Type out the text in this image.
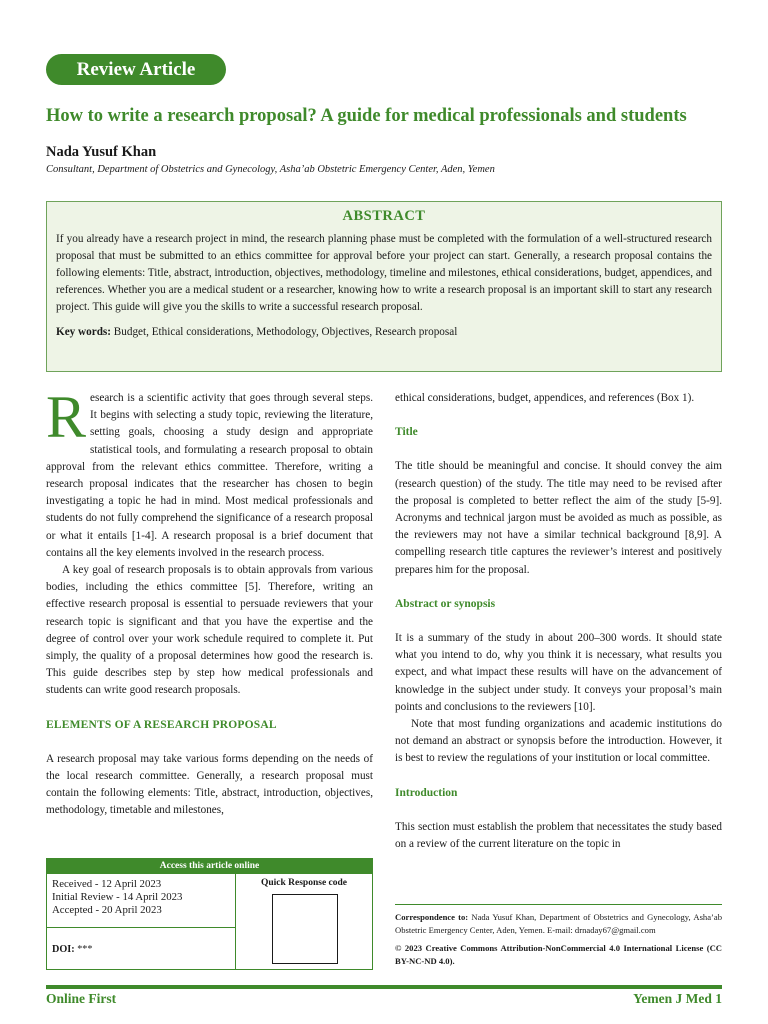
Review Article
How to write a research proposal? A guide for medical professionals and students
Nada Yusuf Khan
Consultant, Department of Obstetrics and Gynecology, Asha’ab Obstetric Emergency Center, Aden, Yemen
ABSTRACT

If you already have a research project in mind, the research planning phase must be completed with the formulation of a well-structured research proposal that must be submitted to an ethics committee for approval before your project can start. Generally, a research proposal contains the following elements: Title, abstract, introduction, objectives, methodology, timeline and milestones, ethical considerations, budget, appendices, and references. Whether you are a medical student or a researcher, knowing how to write a research proposal is an important skill to start any research project. This guide will give you the skills to write a successful research proposal.

Key words: Budget, Ethical considerations, Methodology, Objectives, Research proposal

Research is a scientific activity that goes through several steps. It begins with selecting a study topic, reviewing the literature, setting goals, choosing a study design and appropriate statistical tools, and formulating a research proposal to obtain approval from the relevant ethics committee. Therefore, writing a research proposal indicates that the researcher has chosen to begin investigating a topic he had in mind. Most medical professionals and students do not fully comprehend the significance of a research proposal or what it entails [1-4]. A research proposal is a brief document that contains all the key elements involved in the research process.

A key goal of research proposals is to obtain approvals from various bodies, including the ethics committee [5]. Therefore, writing an effective research proposal is essential to persuade reviewers that your research topic is significant and that you have the expertise and the degree of control over your work schedule required to complete it. Put simply, the quality of a proposal determines how good the research is. This guide describes step by step how medical professionals and students can write good research proposals.

ELEMENTS OF A RESEARCH PROPOSAL

A research proposal may take various forms depending on the needs of the local research committee. Generally, a research proposal must contain the following elements: Title, abstract, introduction, objectives, methodology, timetable and milestones,

ethical considerations, budget, appendices, and references (Box 1).

Title

The title should be meaningful and concise. It should convey the aim (research question) of the study. The title may need to be revised after the proposal is completed to better reflect the aim of the study [5-9]. Acronyms and technical jargon must be avoided as much as possible, as the reviewers may not have a similar technical background [8,9]. A compelling research title captures the reviewer’s interest and positively prepares him for the proposal.

Abstract or synopsis

It is a summary of the study in about 200–300 words. It should state what you intend to do, why you think it is necessary, what results you expect, and what impact these results will have on the advancement of knowledge in the subject under study. It conveys your proposal’s main points and conclusions to the reviewers [10].

Note that most funding organizations and academic institutions do not demand an abstract or synopsis before the introduction. However, it is best to review the regulations of your institution or local committee.

Introduction

This section must establish the problem that necessitates the study based on a review of the current literature on the topic in

Access this article online
Received - 12 April 2023
Initial Review - 14 April 2023
Accepted - 20 April 2023
DOI: ***
Quick Response code
Correspondence to: Nada Yusuf Khan, Department of Obstetrics and Gynecology, Asha’ab Obstetric Emergency Center, Aden, Yemen. E-mail: drnaday67@gmail.com
© 2023 Creative Commons Attribution-NonCommercial 4.0 International License (CC BY-NC-ND 4.0).
Online First	Yemen J Med 1
